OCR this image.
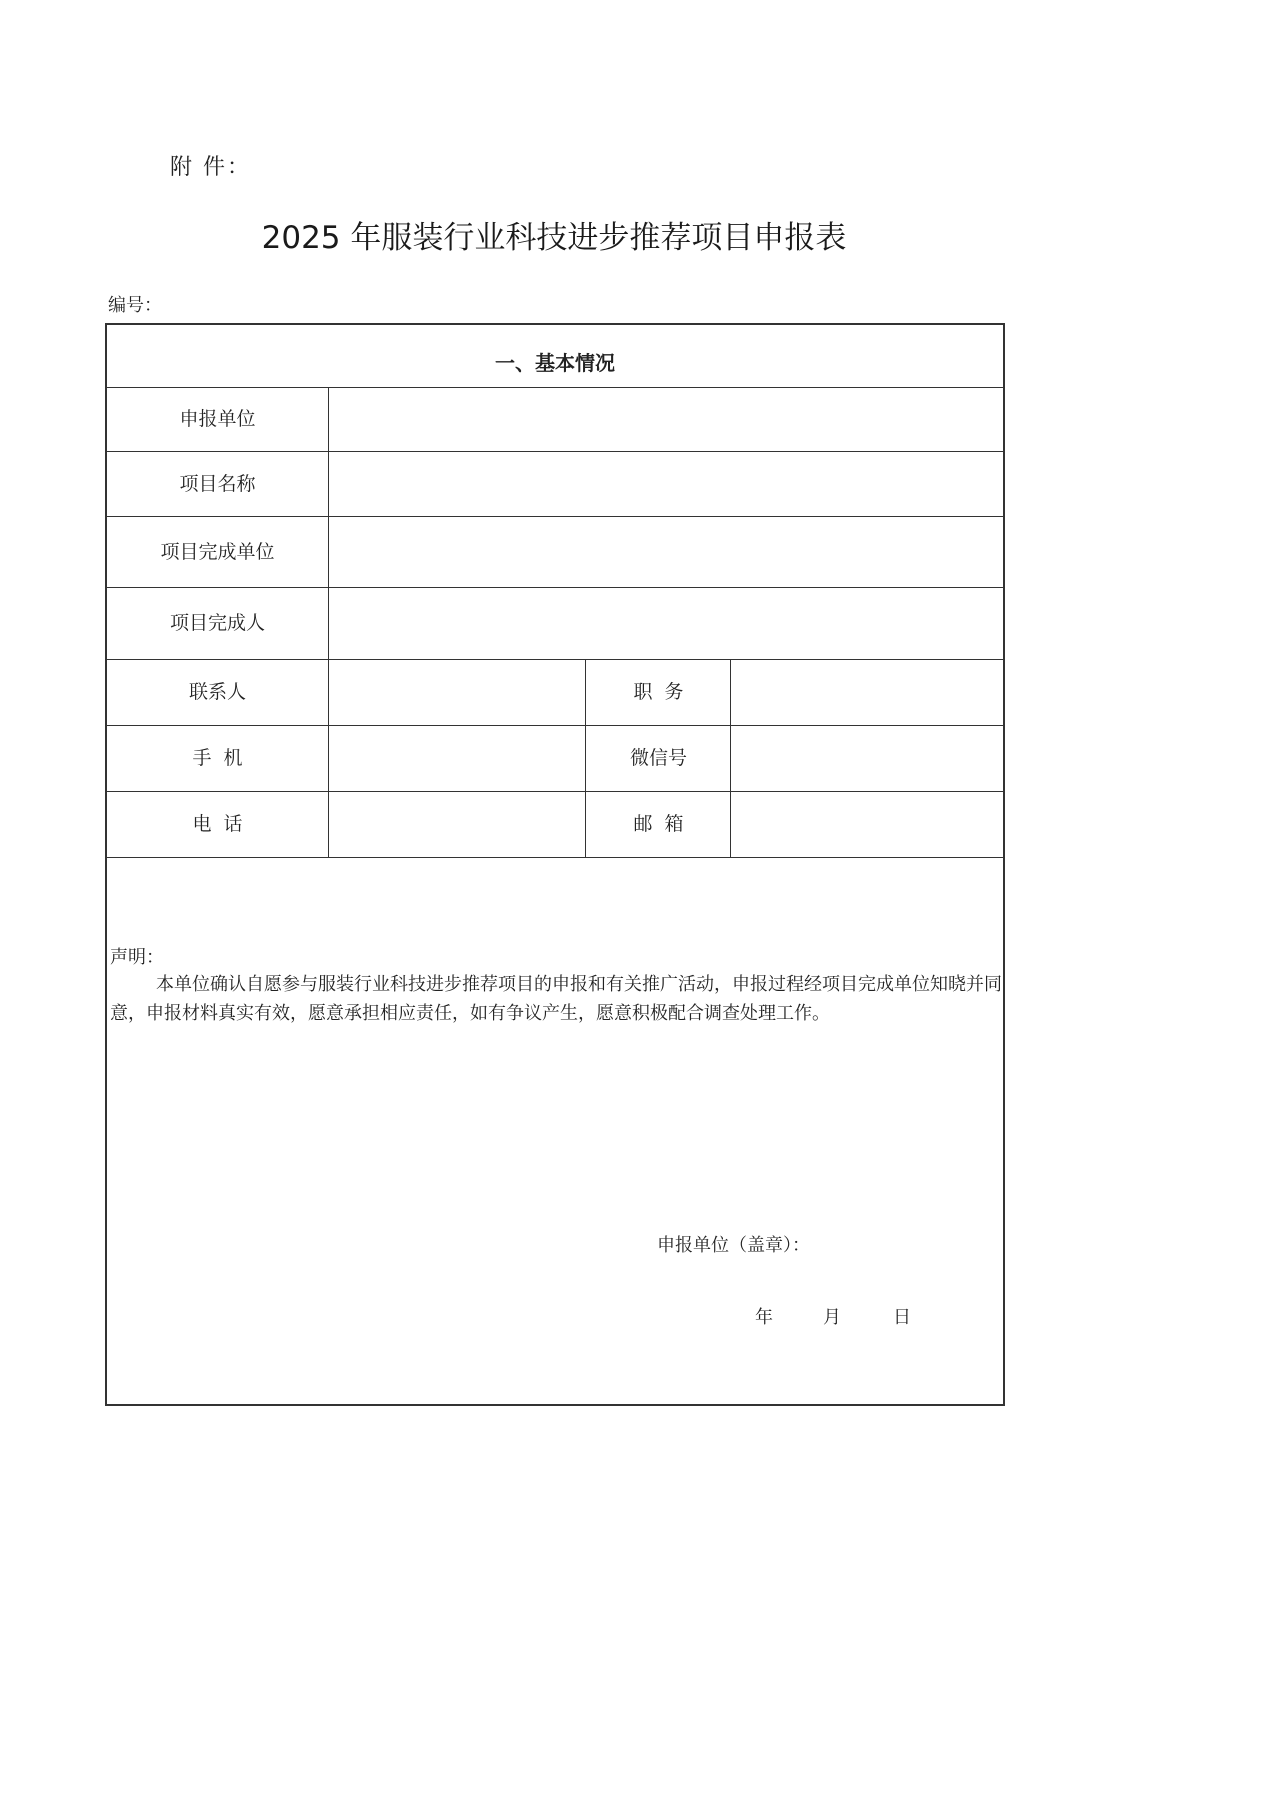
附 件：
2025 年服装行业科技进步推荐项目申报表
编号：
一、基本情况
申报单位
项目名称
项目完成单位
项目完成人
联系人	职  务
手  机	微信号
电  话	邮  箱
声明：
本单位确认自愿参与服装行业科技进步推荐项目的申报和有关推广活动，申报过程经项目完成单位知晓并同意，申报材料真实有效，愿意承担相应责任，如有争议产生，愿意积极配合调查处理工作。
申报单位（盖章）：
年	月	日
